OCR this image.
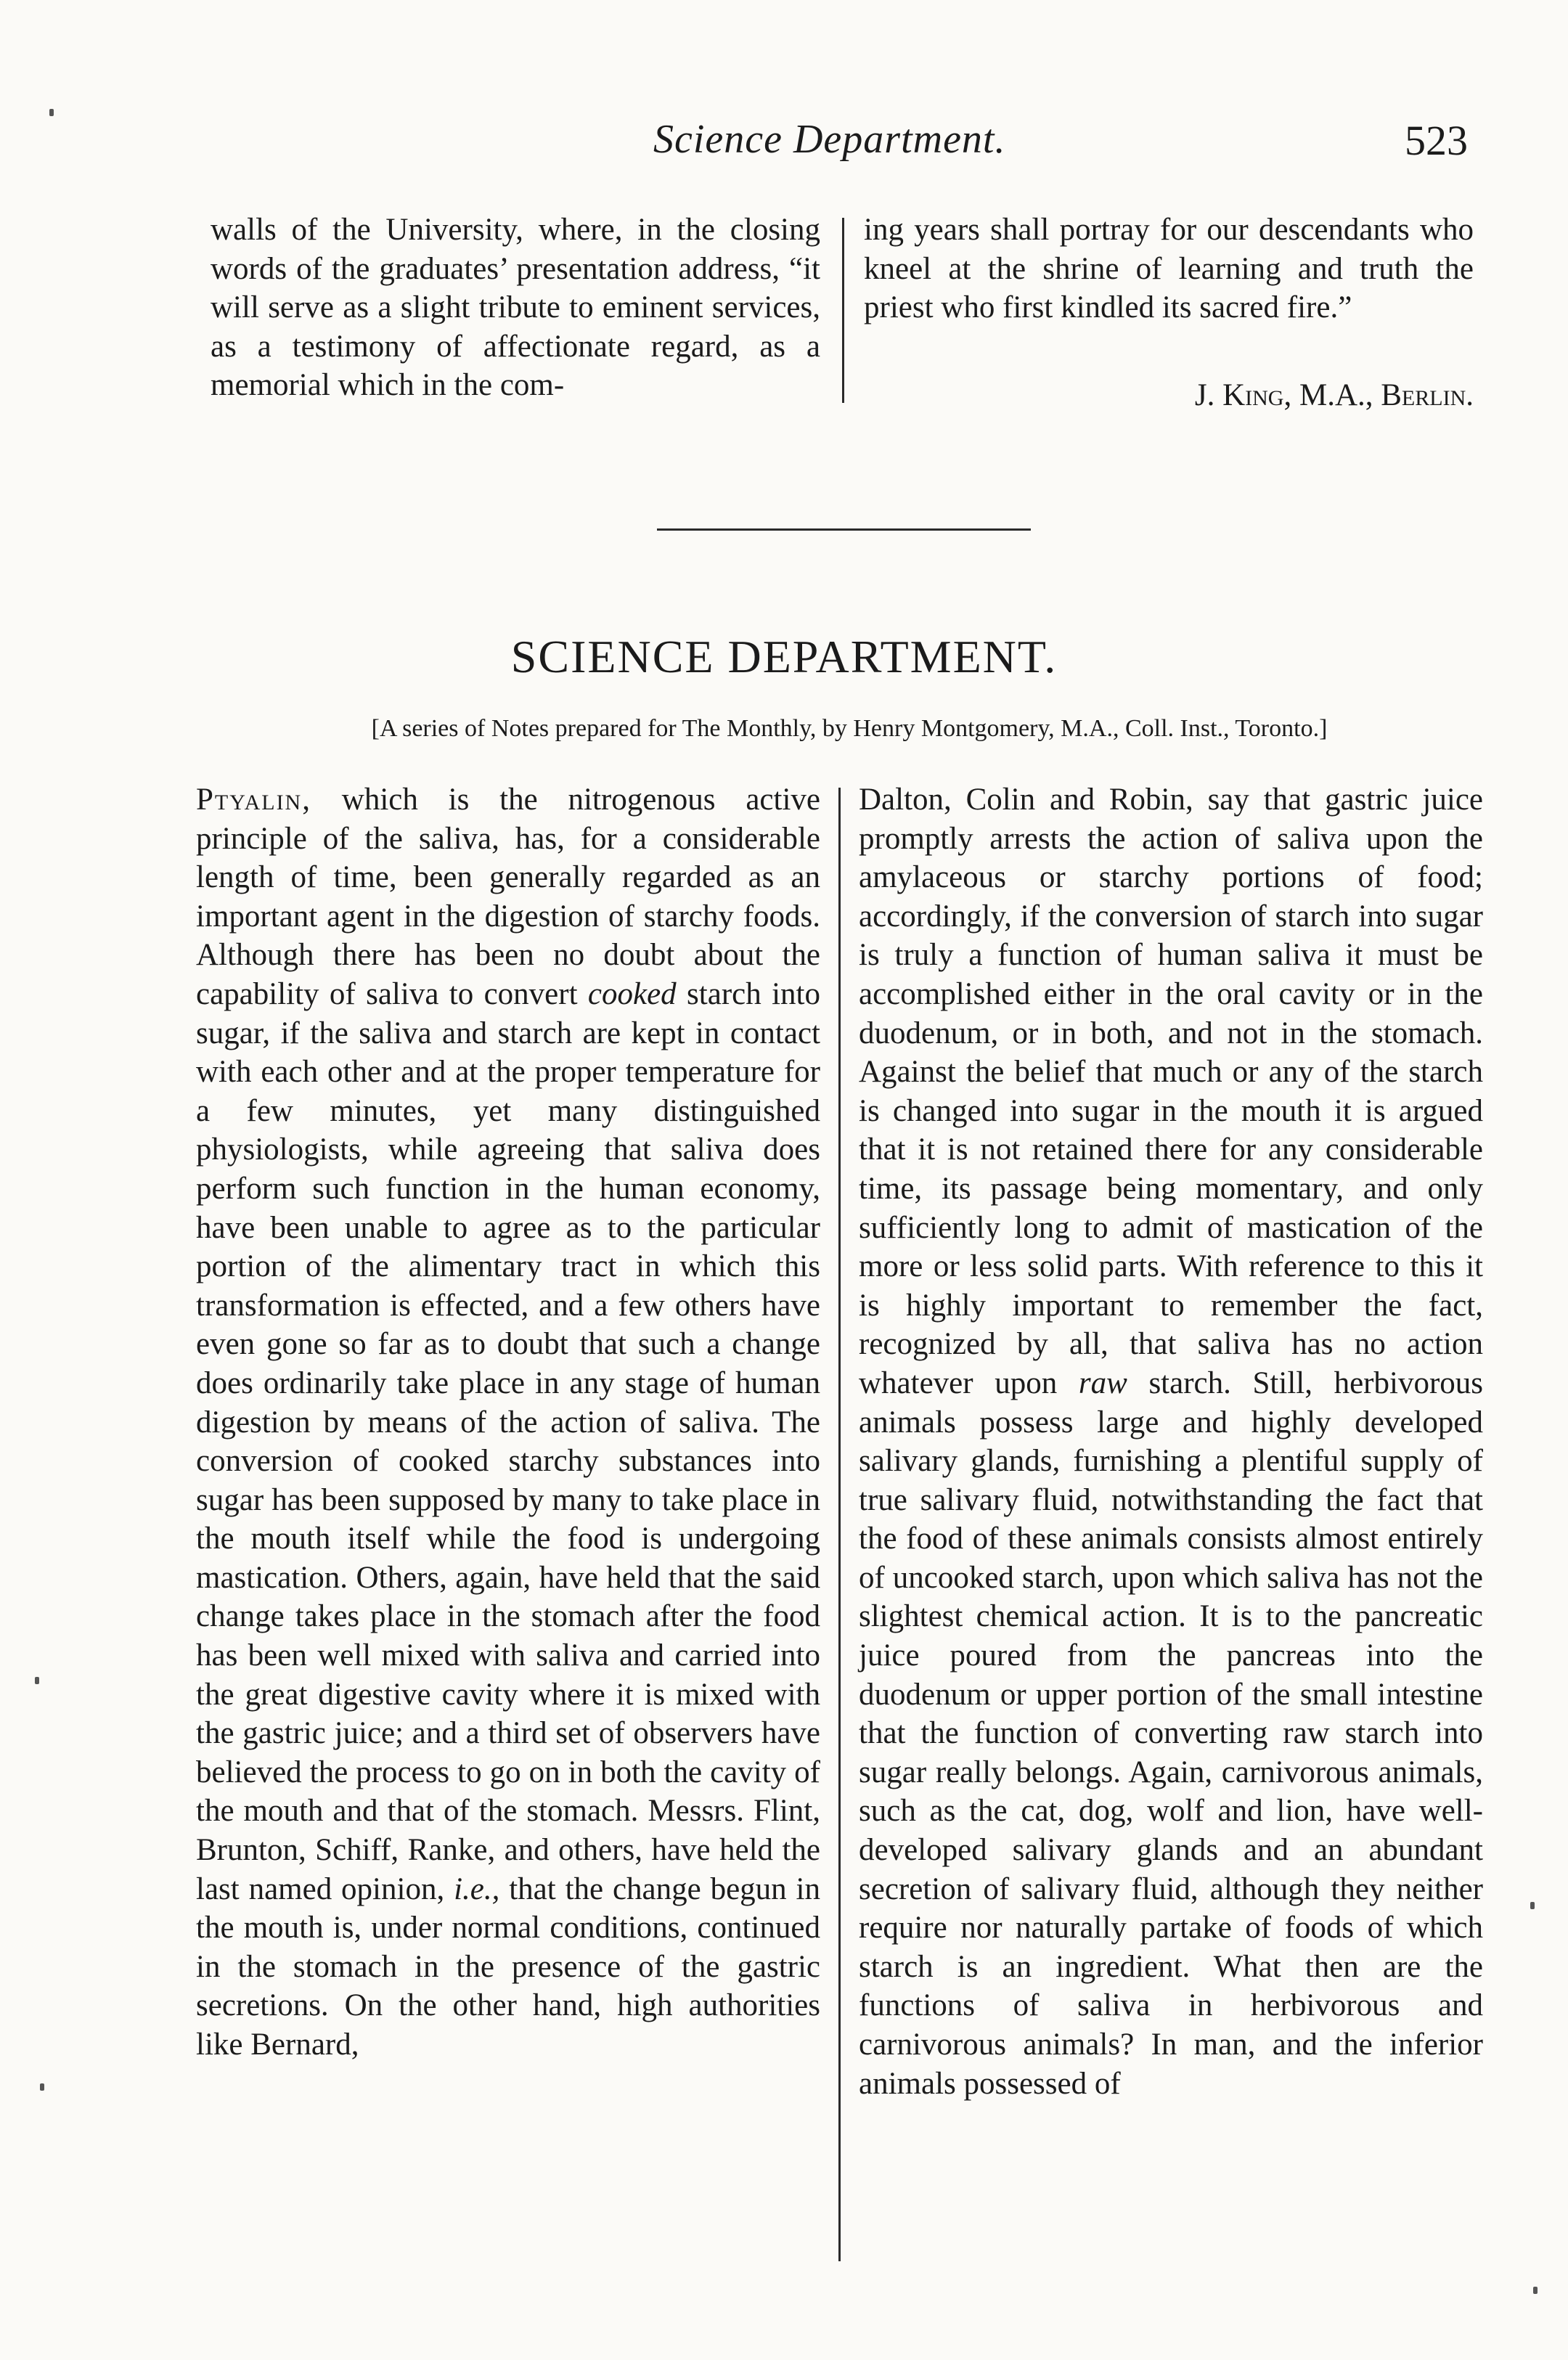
Science Department.	523

walls of the University, where, in the closing words of the graduates’ presentation address, “it will serve as a slight tribute to eminent services, as a testimony of affectionate regard, as a memorial which in the com-

ing years shall portray for our descendants who kneel at the shrine of learning and truth the priest who first kindled its sacred fire.”

J. King, M.A., Berlin.
SCIENCE DEPARTMENT.
[A series of Notes prepared for The Monthly, by Henry Montgomery, M.A., Coll. Inst., Toronto.]

Ptyalin, which is the nitrogenous active principle of the saliva, has, for a considerable length of time, been generally regarded as an important agent in the digestion of starchy foods. Although there has been no doubt about the capability of saliva to convert cooked starch into sugar, if the saliva and starch are kept in contact with each other and at the proper temperature for a few minutes, yet many distinguished physiologists, while agreeing that saliva does perform such function in the human economy, have been unable to agree as to the particular portion of the alimentary tract in which this transformation is effected, and a few others have even gone so far as to doubt that such a change does ordinarily take place in any stage of human digestion by means of the action of saliva. The conversion of cooked starchy substances into sugar has been supposed by many to take place in the mouth itself while the food is undergoing mastication. Others, again, have held that the said change takes place in the stomach after the food has been well mixed with saliva and carried into the great digestive cavity where it is mixed with the gastric juice; and a third set of observers have believed the process to go on in both the cavity of the mouth and that of the stomach. Messrs. Flint, Brunton, Schiff, Ranke, and others, have held the last named opinion, i.e., that the change begun in the mouth is, under normal conditions, continued in the stomach in the presence of the gastric secretions. On the other hand, high authorities like Bernard,

Dalton, Colin and Robin, say that gastric juice promptly arrests the action of saliva upon the amylaceous or starchy portions of food; accordingly, if the conversion of starch into sugar is truly a function of human saliva it must be accomplished either in the oral cavity or in the duodenum, or in both, and not in the stomach. Against the belief that much or any of the starch is changed into sugar in the mouth it is argued that it is not retained there for any considerable time, its passage being momentary, and only sufficiently long to admit of mastication of the more or less solid parts. With reference to this it is highly important to remember the fact, recognized by all, that saliva has no action whatever upon raw starch. Still, herbivorous animals possess large and highly developed salivary glands, furnishing a plentiful supply of true salivary fluid, notwithstanding the fact that the food of these animals consists almost entirely of uncooked starch, upon which saliva has not the slightest chemical action. It is to the pancreatic juice poured from the pancreas into the duodenum or upper portion of the small intestine that the function of converting raw starch into sugar really belongs. Again, carnivorous animals, such as the cat, dog, wolf and lion, have well-developed salivary glands and an abundant secretion of salivary fluid, although they neither require nor naturally partake of foods of which starch is an ingredient. What then are the functions of saliva in herbivorous and carnivorous animals? In man, and the inferior animals possessed of
